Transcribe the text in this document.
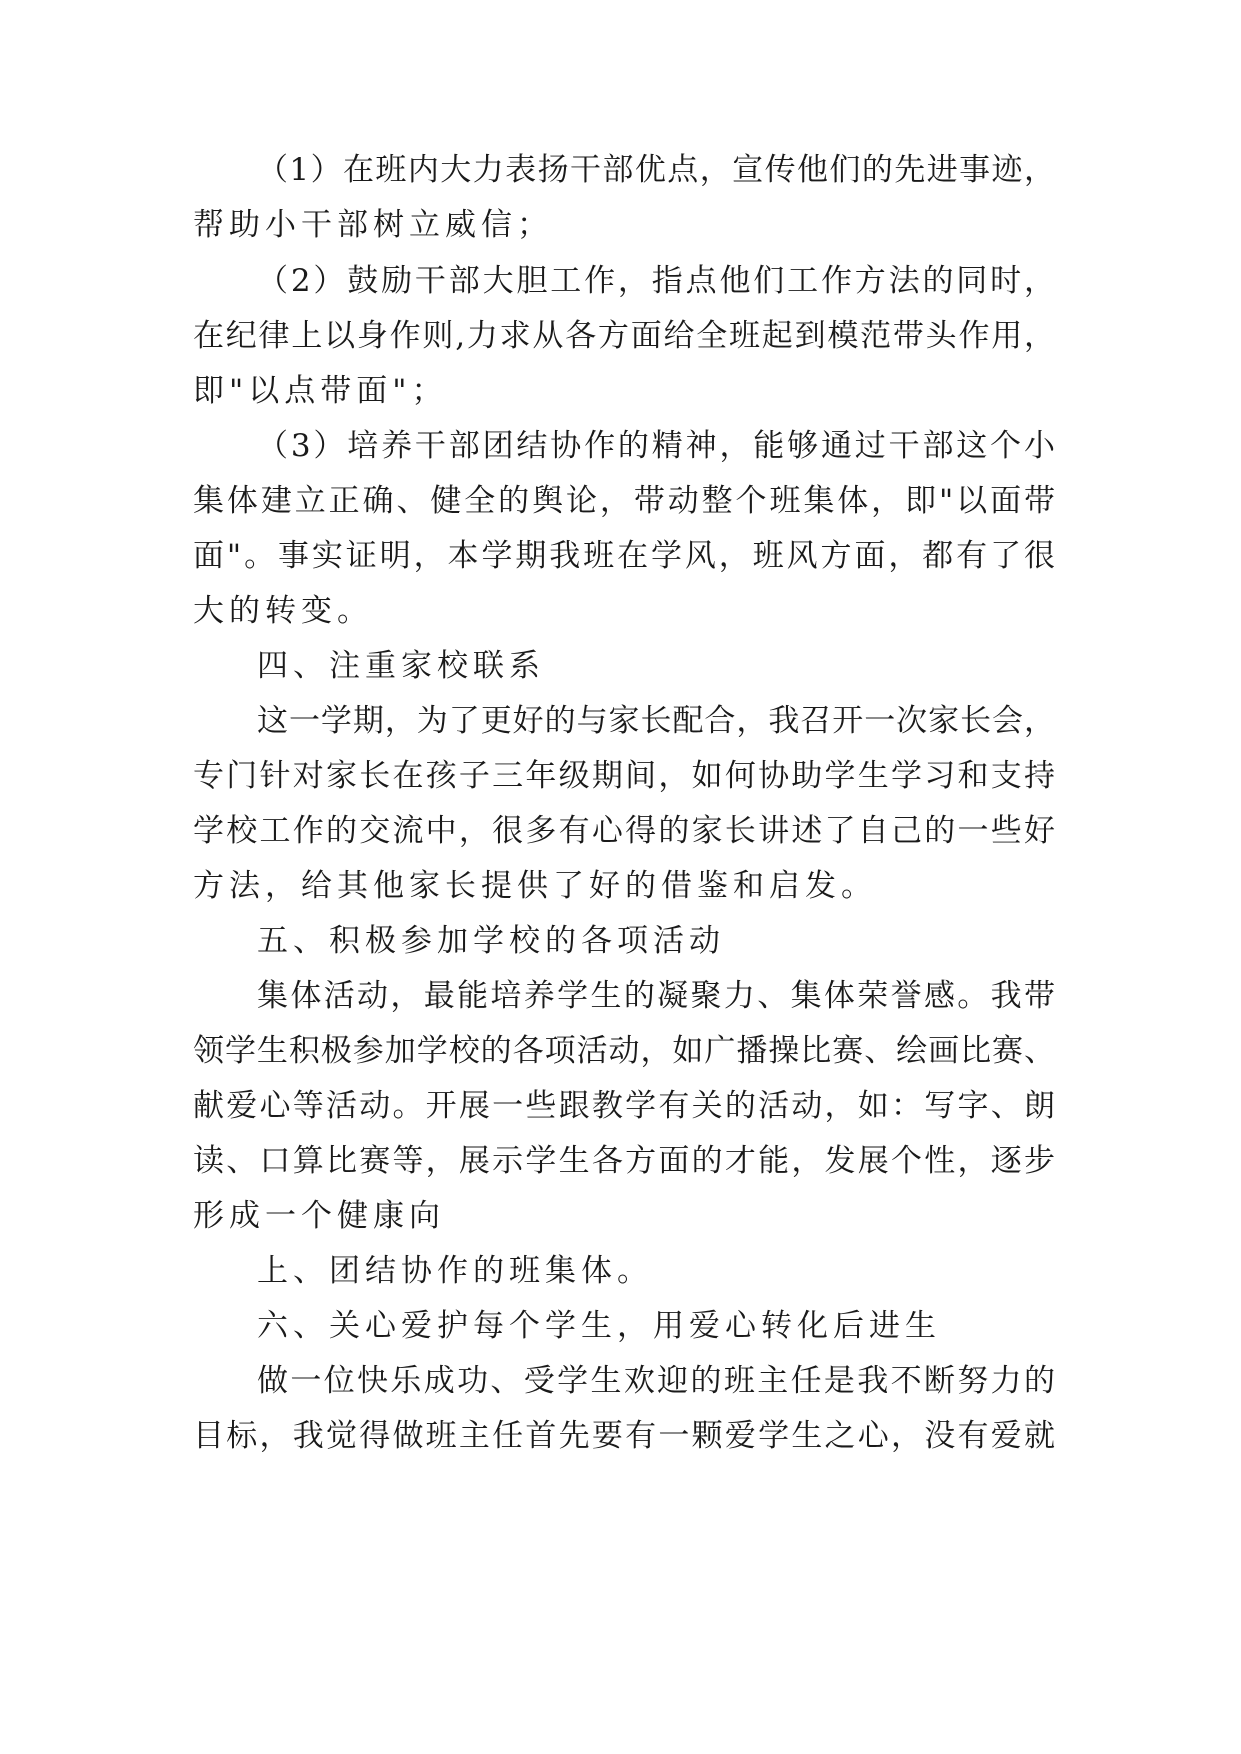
（1）在班内大力表扬干部优点，宣传他们的先进事迹，
帮助小干部树立威信；
（2）鼓励干部大胆工作，指点他们工作方法的同时，
在纪律上以身作则,力求从各方面给全班起到模范带头作用，
即"以点带面"；
（3）培养干部团结协作的精神，能够通过干部这个小
集体建立正确、健全的舆论，带动整个班集体，即"以面带
面"。事实证明，本学期我班在学风，班风方面，都有了很
大的转变。
四、注重家校联系
这一学期，为了更好的与家长配合，我召开一次家长会，
专门针对家长在孩子三年级期间，如何协助学生学习和支持
学校工作的交流中，很多有心得的家长讲述了自己的一些好
方法，给其他家长提供了好的借鉴和启发。
五、积极参加学校的各项活动
集体活动，最能培养学生的凝聚力、集体荣誉感。我带
领学生积极参加学校的各项活动，如广播操比赛、绘画比赛、
献爱心等活动。开展一些跟教学有关的活动，如：写字、朗
读、口算比赛等，展示学生各方面的才能，发展个性，逐步
形成一个健康向
上、团结协作的班集体。
六、关心爱护每个学生，用爱心转化后进生
做一位快乐成功、受学生欢迎的班主任是我不断努力的
目标，我觉得做班主任首先要有一颗爱学生之心，没有爱就
